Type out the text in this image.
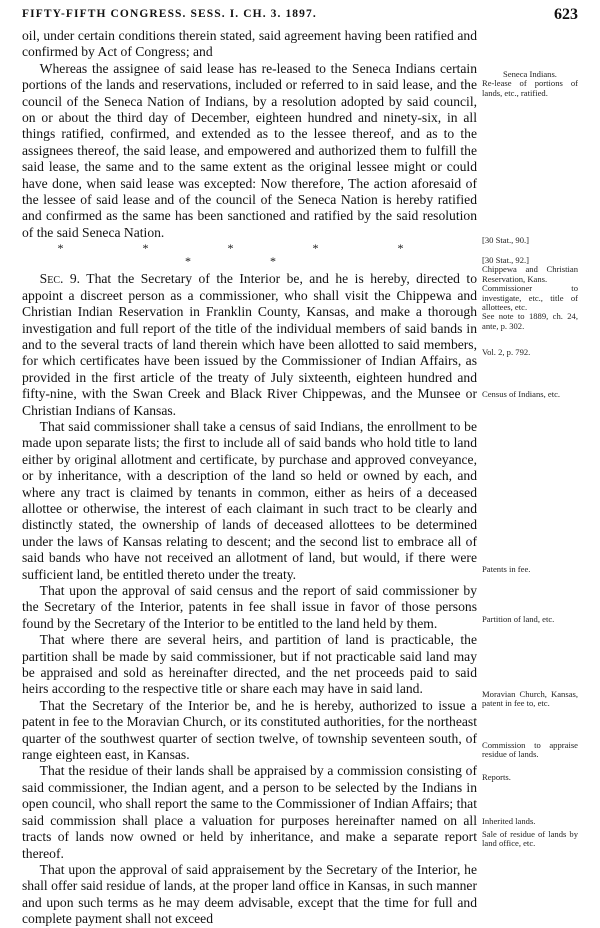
FIFTY-FIFTH CONGRESS. SESS. I. CH. 3. 1897.	623

oil, under certain conditions therein stated, said agreement having been ratified and confirmed by Act of Congress; and

Whereas the assignee of said lease has re-leased to the Seneca Indians certain portions of the lands and reservations, included or referred to in said lease, and the council of the Seneca Nation of Indians, by a resolution adopted by said council, on or about the third day of December, eighteen hundred and ninety-six, in all things ratified, confirmed, and extended as to the lessee thereof, and as to the assignees thereof, the said lease, and empowered and authorized them to fulfill the said lease, the same and to the same extent as the original lessee might or could have done, when said lease was excepted: Now therefore, The action aforesaid of the lessee of said lease and of the council of the Seneca Nation is hereby ratified and confirmed as the same has been sanctioned and ratified by the said resolution of the said Seneca Nation.

* * * * * * *

Sec. 9. That the Secretary of the Interior be, and he is hereby, directed to appoint a discreet person as a commissioner, who shall visit the Chippewa and Christian Indian Reservation in Franklin County, Kansas, and make a thorough investigation and full report of the title of the individual members of said bands in and to the several tracts of land therein which have been allotted to said members, for which certificates have been issued by the Commissioner of Indian Affairs, as provided in the first article of the treaty of July sixteenth, eighteen hundred and fifty-nine, with the Swan Creek and Black River Chippewas, and the Munsee or Christian Indians of Kansas.

That said commissioner shall take a census of said Indians, the enrollment to be made upon separate lists; the first to include all of said bands who hold title to land either by original allotment and certificate, by purchase and approved conveyance, or by inheritance, with a description of the land so held or owned by each, and where any tract is claimed by tenants in common, either as heirs of a deceased allottee or otherwise, the interest of each claimant in such tract to be clearly and distinctly stated, the ownership of lands of deceased allottees to be determined under the laws of Kansas relating to descent; and the second list to embrace all of said bands who have not received an allotment of land, but would, if there were sufficient land, be entitled thereto under the treaty.

That upon the approval of said census and the report of said commissioner by the Secretary of the Interior, patents in fee shall issue in favor of those persons found by the Secretary of the Interior to be entitled to the land held by them.

That where there are several heirs, and partition of land is practicable, the partition shall be made by said commissioner, but if not practicable said land may be appraised and sold as hereinafter directed, and the net proceeds paid to said heirs according to the respective title or share each may have in said land.

That the Secretary of the Interior be, and he is hereby, authorized to issue a patent in fee to the Moravian Church, or its constituted authorities, for the northeast quarter of the southwest quarter of section twelve, of township seventeen south, of range eighteen east, in Kansas.

That the residue of their lands shall be appraised by a commission consisting of said commissioner, the Indian agent, and a person to be selected by the Indians in open council, who shall report the same to the Commissioner of Indian Affairs; that said commission shall place a valuation for purposes hereinafter named on all tracts of lands now owned or held by inheritance, and make a separate report thereof.

That upon the approval of said appraisement by the Secretary of the Interior, he shall offer said residue of lands, at the proper land office in Kansas, in such manner and upon such terms as he may deem advisable, except that the time for full and complete payment shall not exceed

Seneca Indians.
Re-lease of portions of lands, etc., ratified.
[30 Stat., 90.]
[30 Stat., 92.]
Chippewa and Christian Reservation, Kans.
Commissioner to investigate, etc., title of allottees, etc.
See note to 1889, ch. 24, ante, p. 302.
Vol. 2, p. 792.
Census of Indians, etc.
Patents in fee.
Partition of land, etc.
Moravian Church, Kansas, patent in fee to, etc.
Commission to appraise residue of lands.
Reports.
Inherited lands.
Sale of residue of lands by land office, etc.
